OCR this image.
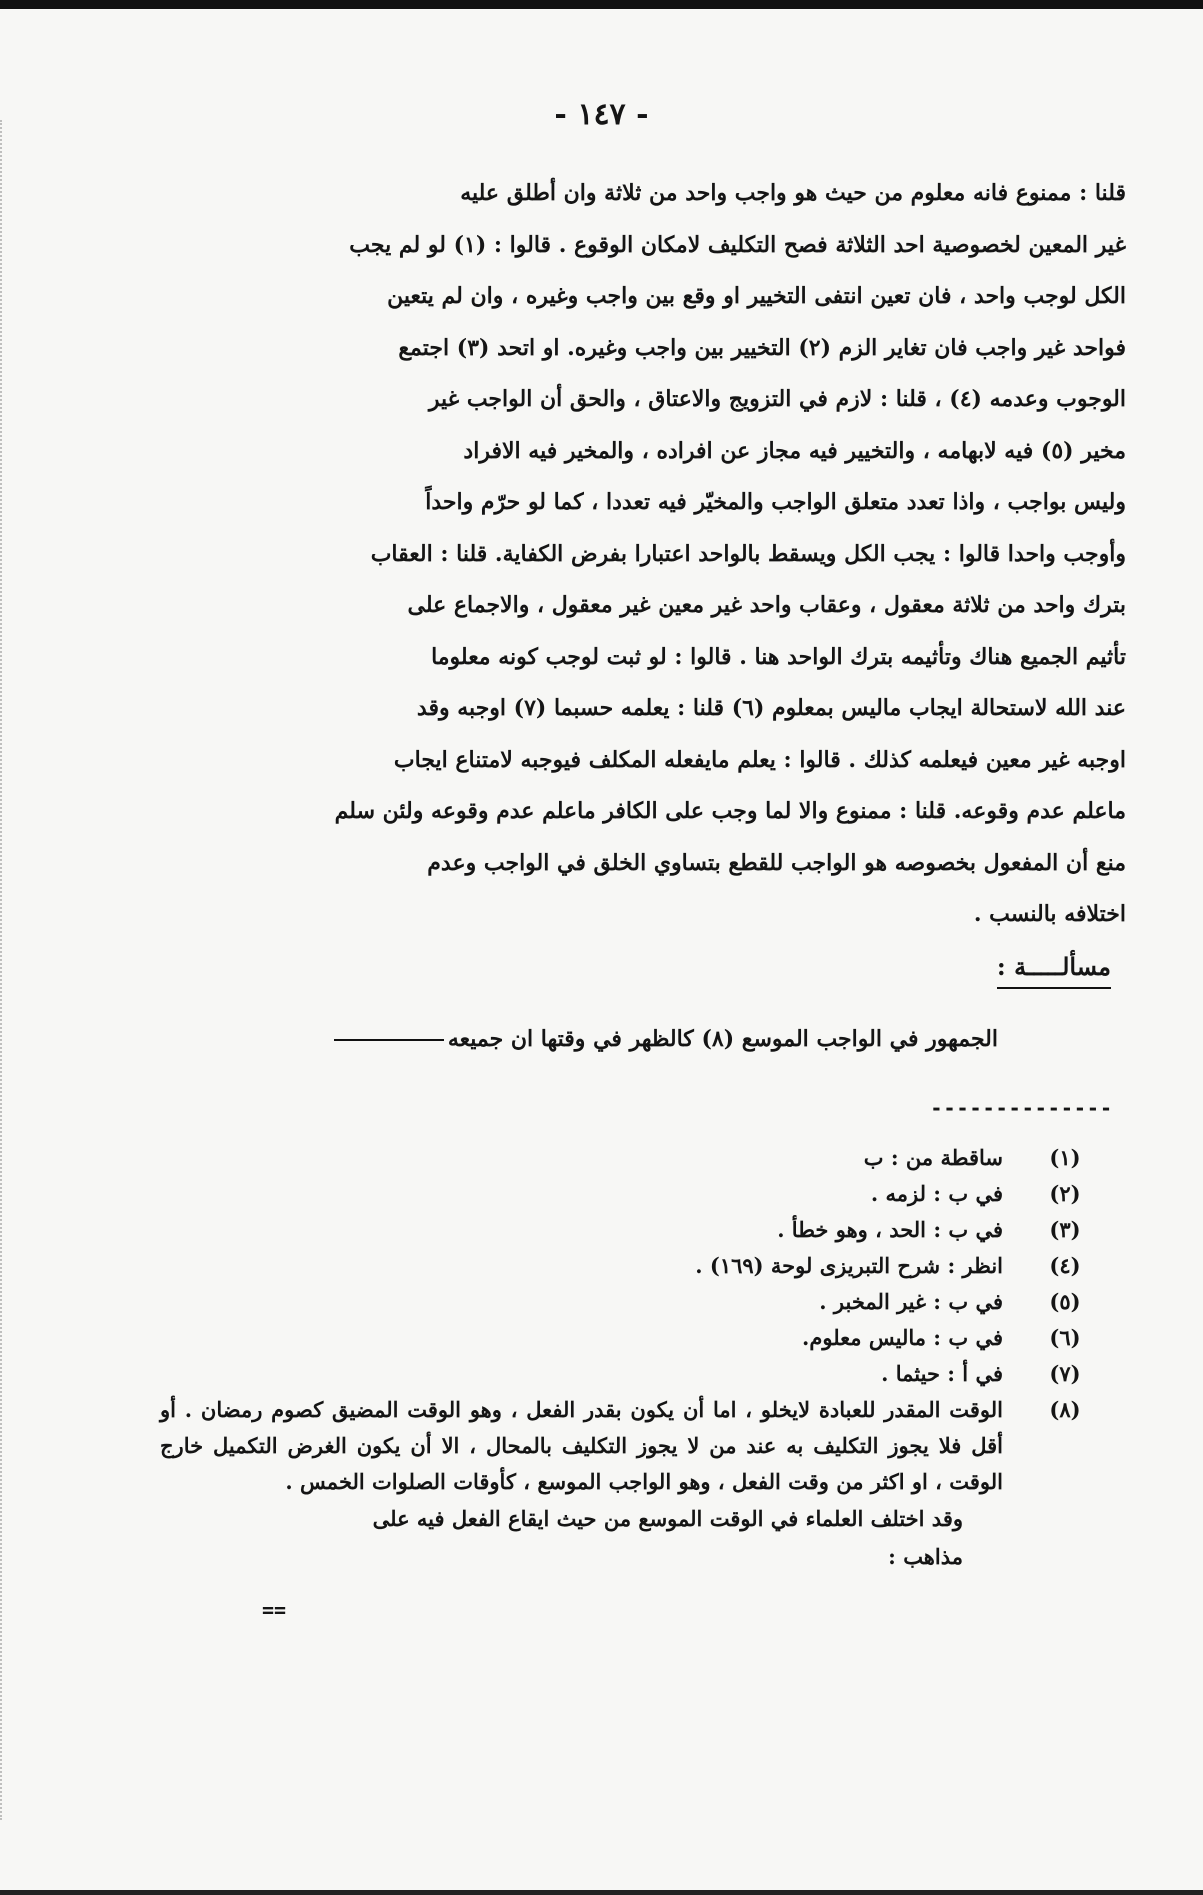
- ١٤٧ -

قلنا : ممنوع فانه معلوم من حيث هو واجب واحد من ثلاثة وان أطلق عليه

غير المعين لخصوصية احد الثلاثة فصح التكليف لامكان الوقوع . قالوا : (١) لو لم يجب

الكل لوجب واحد ، فان تعين انتفى التخيير او وقع بين واجب وغيره ، وان لم يتعين

فواحد غير واجب فان تغاير الزم (٢) التخيير بين واجب وغيره. او اتحد (٣) اجتمع

الوجوب وعدمه (٤) ، قلنا : لازم في التزويج والاعتاق ، والحق أن الواجب غير

مخير (٥) فيه لابهامه ، والتخيير فيه مجاز عن افراده ، والمخير فيه الافراد

وليس بواجب ، واذا تعدد متعلق الواجب والمخيّر فيه تعددا ، كما لو حرّم واحداً

وأوجب واحدا قالوا : يجب الكل ويسقط بالواحد اعتبارا بفرض الكفاية. قلنا : العقاب

بترك واحد من ثلاثة معقول ، وعقاب واحد غير معين غير معقول ، والاجماع على

تأثيم الجميع هناك وتأثيمه بترك الواحد هنا . قالوا : لو ثبت لوجب كونه معلوما

عند الله لاستحالة ايجاب ماليس بمعلوم (٦) قلنا : يعلمه حسبما (٧) اوجبه وقد

اوجبه غير معين فيعلمه كذلك . قالوا : يعلم مايفعله المكلف فيوجبه لامتناع ايجاب

ماعلم عدم وقوعه. قلنا : ممنوع والا لما وجب على الكافر ماعلم عدم وقوعه ولئن سلم

منع أن المفعول بخصوصه هو الواجب للقطع بتساوي الخلق في الواجب وعدم

اختلافه بالنسب .

مسألـــــة :
الجمهور في الواجب الموسع (٨) كالظهر في وقتها ان جميعه
--------------
(١)
ساقطة من : ب
(٢)
في ب : لزمه .
(٣)
في ب : الحد ، وهو خطأ .
(٤)
انظر : شرح التبريزى لوحة (١٦٩) .
(٥)
في ب : غير المخبر .
(٦)
في ب : ماليس معلوم.
(٧)
في أ : حيثما .
(٨)
الوقت المقدر للعبادة لايخلو ، اما أن يكون بقدر الفعل ، وهو الوقت المضيق كصوم رمضان . أو أقل فلا يجوز التكليف به عند من لا يجوز التكليف بالمحال ، الا أن يكون الغرض التكميل خارج الوقت ، او اكثر من وقت الفعل ، وهو الواجب الموسع ، كأوقات الصلوات الخمس .
وقد اختلف العلماء في الوقت الموسع من حيث ايقاع الفعل فيه على
مذاهب :
==
